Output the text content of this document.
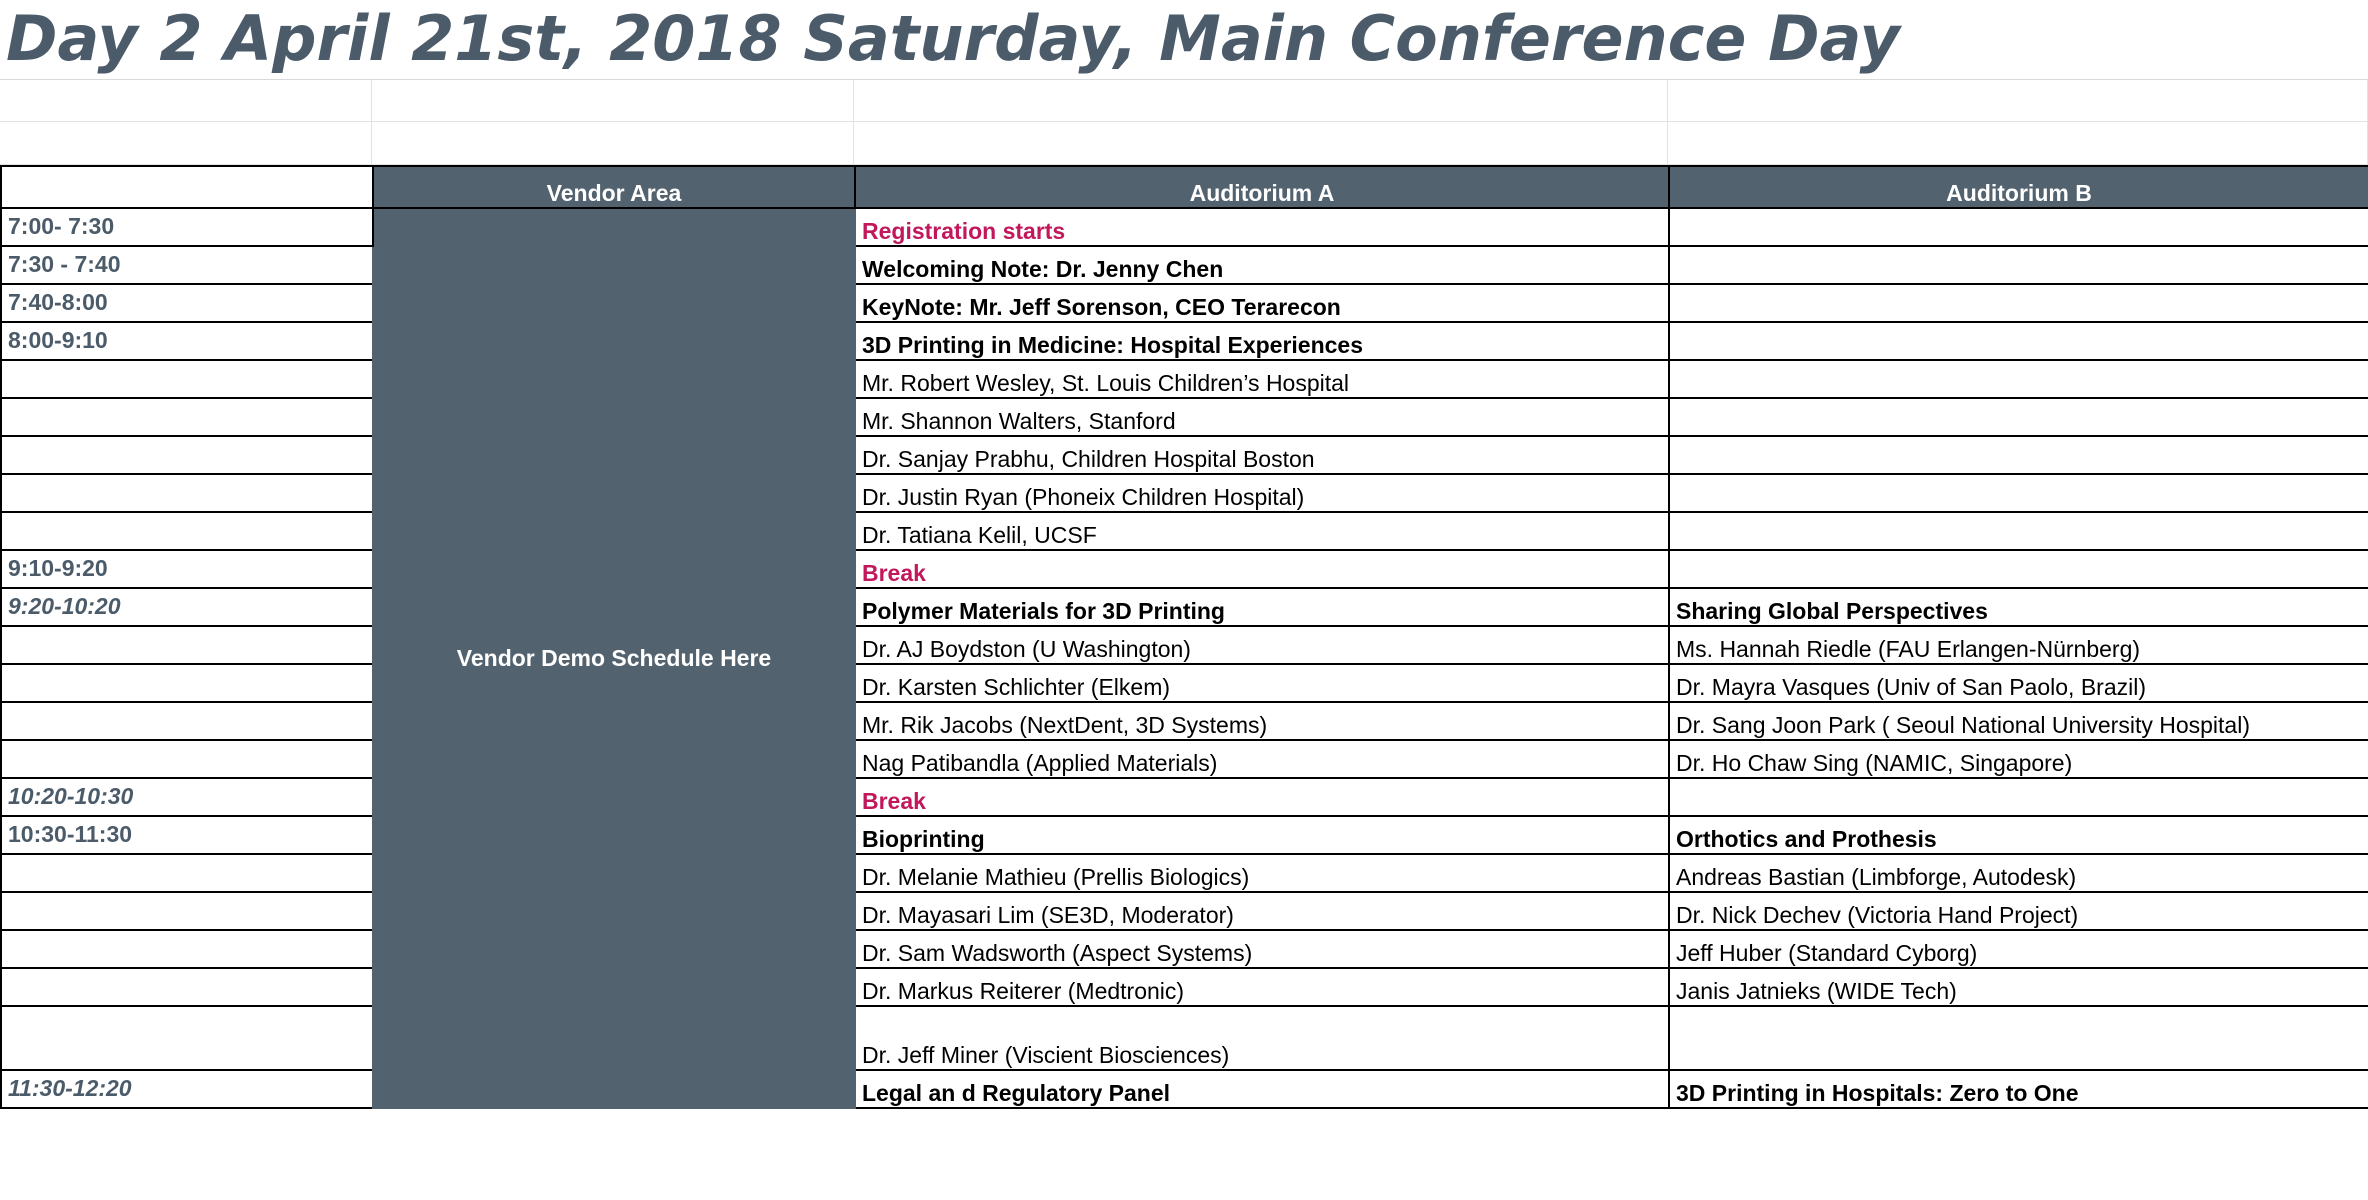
Day 2 April 21st, 2018 Saturday, Main Conference Day
	Vendor Area	Auditorium A	Auditorium B
7:00- 7:30	Vendor Demo Schedule Here	Registration starts	
7:30 - 7:40		Welcoming Note: Dr. Jenny Chen	
7:40-8:00		KeyNote: Mr. Jeff Sorenson, CEO Terarecon	
8:00-9:10		3D Printing in Medicine: Hospital Experiences	
		Mr. Robert Wesley, St. Louis Children’s Hospital	
		Mr. Shannon Walters, Stanford	
		Dr. Sanjay Prabhu, Children Hospital Boston	
		Dr. Justin Ryan (Phoneix Children Hospital)	
		Dr. Tatiana Kelil, UCSF	
9:10-9:20		Break	
9:20-10:20		Polymer Materials for 3D Printing	Sharing Global Perspectives
		Dr. AJ Boydston (U Washington)	Ms. Hannah Riedle (FAU Erlangen-Nürnberg)
		Dr. Karsten Schlichter (Elkem)	Dr. Mayra Vasques (Univ of San Paolo, Brazil)
		Mr. Rik Jacobs (NextDent, 3D Systems)	Dr. Sang Joon Park ( Seoul National University Hospital)
		Nag Patibandla (Applied Materials)	Dr. Ho Chaw Sing (NAMIC, Singapore)
10:20-10:30		Break	
10:30-11:30		Bioprinting	Orthotics and Prothesis
		Dr. Melanie Mathieu (Prellis Biologics)	Andreas Bastian (Limbforge, Autodesk)
		Dr. Mayasari Lim (SE3D, Moderator)	Dr. Nick Dechev (Victoria Hand Project)
		Dr. Sam Wadsworth (Aspect Systems)	Jeff Huber (Standard Cyborg)
		Dr. Markus Reiterer (Medtronic)	Janis Jatnieks (WIDE Tech)
		Dr. Jeff Miner (Viscient Biosciences)	
11:30-12:20		Legal an d Regulatory Panel	3D Printing in Hospitals: Zero to One
